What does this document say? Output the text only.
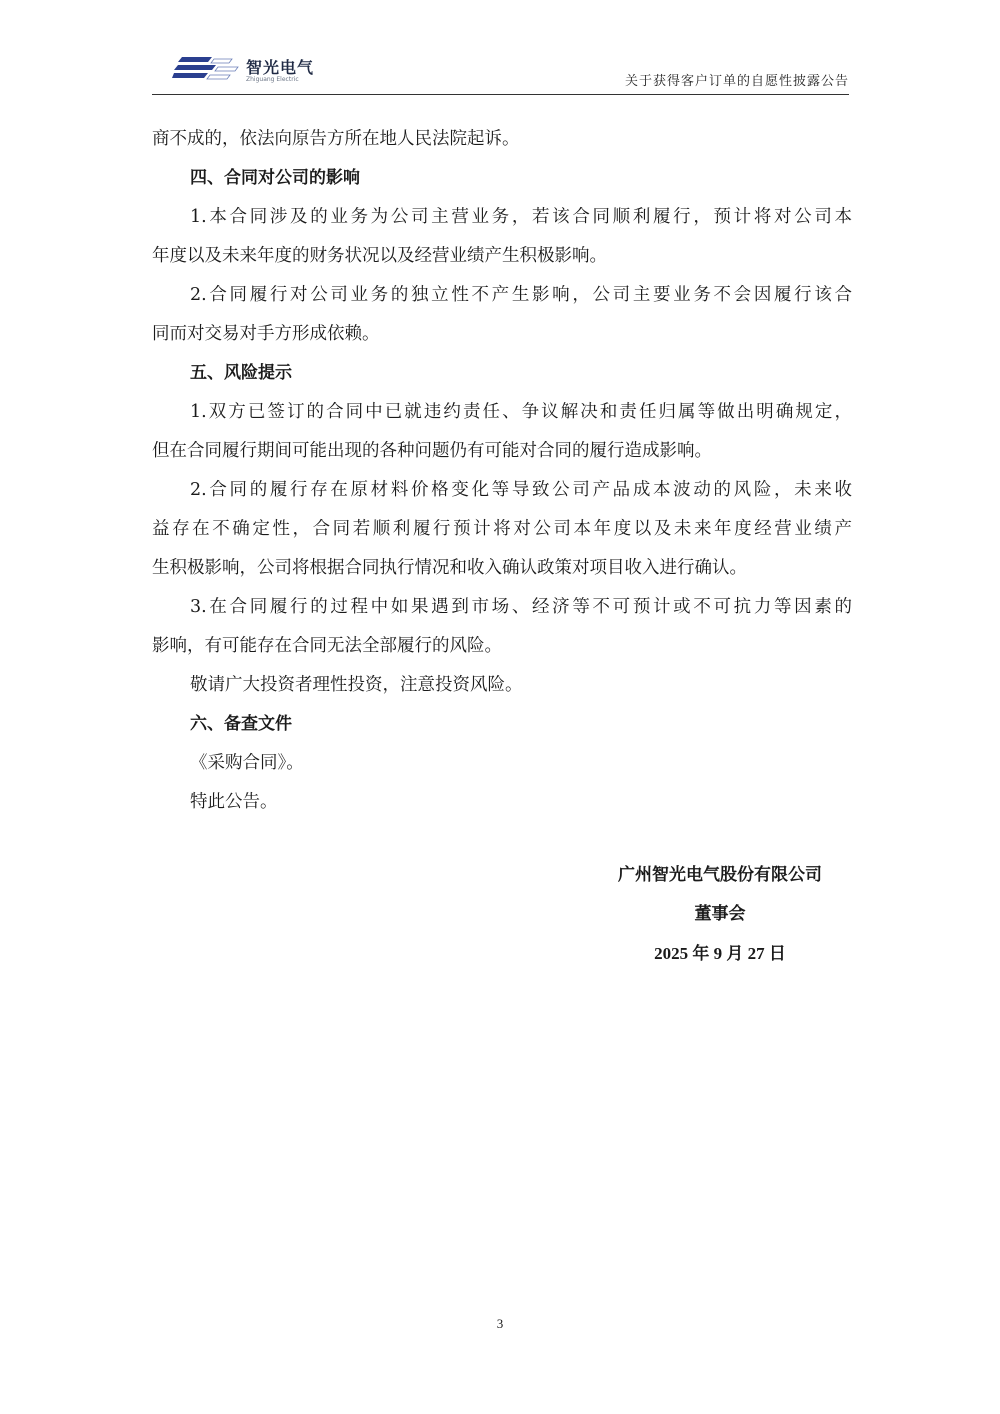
智光电气
Zhiguang Electric	关于获得客户订单的自愿性披露公告
商不成的，依法向原告方所在地人民法院起诉。
四、合同对公司的影响
1.本合同涉及的业务为公司主营业务，若该合同顺利履行，预计将对公司本
年度以及未来年度的财务状况以及经营业绩产生积极影响。
2.合同履行对公司业务的独立性不产生影响，公司主要业务不会因履行该合
同而对交易对手方形成依赖。
五、风险提示
1.双方已签订的合同中已就违约责任、争议解决和责任归属等做出明确规定，
但在合同履行期间可能出现的各种问题仍有可能对合同的履行造成影响。
2.合同的履行存在原材料价格变化等导致公司产品成本波动的风险，未来收
益存在不确定性，合同若顺利履行预计将对公司本年度以及未来年度经营业绩产
生积极影响，公司将根据合同执行情况和收入确认政策对项目收入进行确认。
3.在合同履行的过程中如果遇到市场、经济等不可预计或不可抗力等因素的
影响，有可能存在合同无法全部履行的风险。
敬请广大投资者理性投资，注意投资风险。
六、备查文件
《采购合同》。
特此公告。
广州智光电气股份有限公司
董事会
2025 年 9 月 27 日
3
